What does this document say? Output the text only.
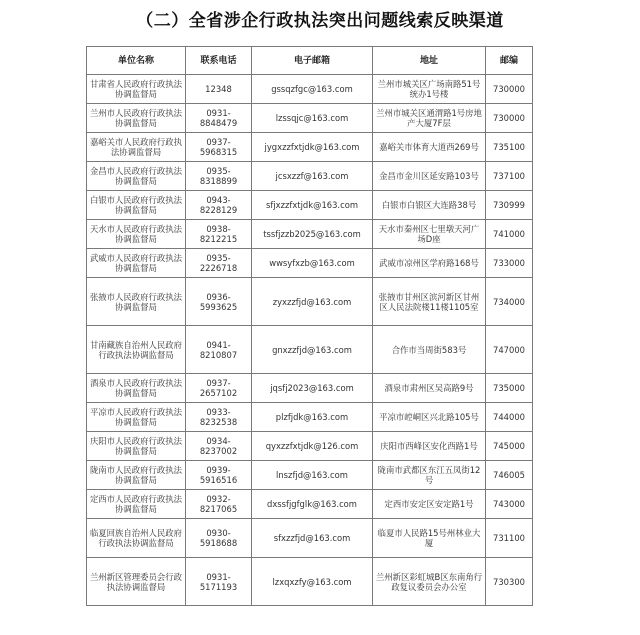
（二）全省涉企行政执法突出问题线索反映渠道
单位名称	联系电话	电子邮箱	地址	邮编
甘肃省人民政府行政执法协调监督局	12348	gssqzfgc@163.com	兰州市城关区广场南路51号统办1号楼	730000
兰州市人民政府行政执法协调监督局	0931-8848479	lzssqjc@163.com	兰州市城关区通渭路1号房地产大厦7F层	730000
嘉峪关市人民政府行政执法协调监督局	0937-5968315	jygxzzfxtjdk@163.com	嘉峪关市体育大道西269号	735100
金昌市人民政府行政执法协调监督局	0935-8318899	jcsxzzf@163.com	金昌市金川区延安路103号	737100
白银市人民政府行政执法协调监督局	0943-8228129	sfjxzzfxtjdk@163.com	白银市白银区大连路38号	730999
天水市人民政府行政执法协调监督局	0938-8212215	tssfjzzb2025@163.com	天水市秦州区七里墩天河广场D座	741000
武威市人民政府行政执法协调监督局	0935-2226718	wwsyfxzb@163.com	武威市凉州区学府路168号	733000
张掖市人民政府行政执法协调监督局	0936-5993625	zyxzzfjd@163.com	张掖市甘州区滨河新区甘州区人民法院楼11楼1105室	734000
甘南藏族自治州人民政府行政执法协调监督局	0941-8210807	gnxzzfjd@163.com	合作市当周街583号	747000
酒泉市人民政府行政执法协调监督局	0937-2657102	jqsfj2023@163.com	酒泉市肃州区吴高路9号	735000
平凉市人民政府行政执法协调监督局	0933-8232538	plzfjdk@163.com	平凉市崆峒区兴北路105号	744000
庆阳市人民政府行政执法协调监督局	0934-8237002	qyxzzfxtjdk@126.com	庆阳市西峰区安化西路1号	745000
陇南市人民政府行政执法协调监督局	0939-5916516	lnszfjd@163.com	陇南市武都区东江五凤街12号	746005
定西市人民政府行政执法协调监督局	0932-8217065	dxssfjgfglk@163.com	定西市安定区安定路1号	743000
临夏回族自治州人民政府行政执法协调监督局	0930-5918688	sfxzzfjd@163.com	临夏市人民路15号州林业大厦	731100
兰州新区管理委员会行政执法协调监督局	0931-5171193	lzxqxzfy@163.com	兰州新区彩虹城B区东南角行政复议委员会办公室	730300
